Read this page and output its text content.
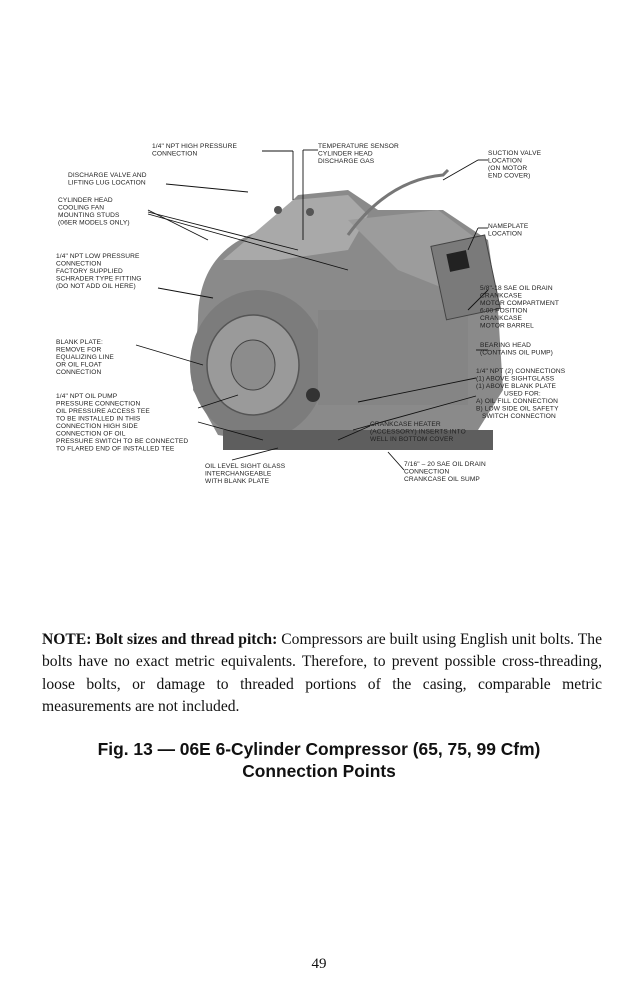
1/4" NPT HIGH PRESSURE CONNECTION
DISCHARGE VALVE AND LIFTING LUG LOCATION
CYLINDER HEAD COOLING FAN MOUNTING STUDS (06ER MODELS ONLY)
1/4" NPT LOW PRESSURE CONNECTION FACTORY SUPPLIED SCHRADER TYPE FITTING (DO NOT ADD OIL HERE)
BLANK PLATE: REMOVE FOR EQUALIZING LINE OR OIL FLOAT CONNECTION
1/4" NPT OIL PUMP PRESSURE CONNECTION OIL PRESSURE ACCESS TEE TO BE INSTALLED IN THIS CONNECTION HIGH SIDE CONNECTION OF OIL PRESSURE SWITCH TO BE CONNECTED TO FLARED END OF INSTALLED TEE
OIL LEVEL SIGHT GLASS INTERCHANGEABLE WITH BLANK PLATE
TEMPERATURE SENSOR CYLINDER HEAD DISCHARGE GAS
SUCTION VALVE LOCATION (ON MOTOR END COVER)
NAMEPLATE LOCATION
5/8"-18 SAE OIL DRAIN CRANKCASE MOTOR COMPARTMENT 6:00 POSITION CRANKCASE MOTOR BARREL
BEARING HEAD (CONTAINS OIL PUMP)
1/4" NPT (2) CONNECTIONS (1) ABOVE SIGHTGLASS (1) ABOVE BLANK PLATE USED FOR: A) OIL FILL CONNECTION B) LOW SIDE OIL SAFETY SWITCH CONNECTION
CRANKCASE HEATER (ACCESSORY) INSERTS INTO WELL IN BOTTOM COVER
7/16" – 20 SAE OIL DRAIN CONNECTION CRANKCASE OIL SUMP

NOTE: Bolt sizes and thread pitch: Compressors are built using English unit bolts. The bolts have no exact metric equivalents. Therefore, to prevent possible cross-threading, loose bolts, or damage to threaded portions of the casing, comparable metric measurements are not included.

Fig. 13 — 06E 6-Cylinder Compressor (65, 75, 99 Cfm)
Connection Points
49
